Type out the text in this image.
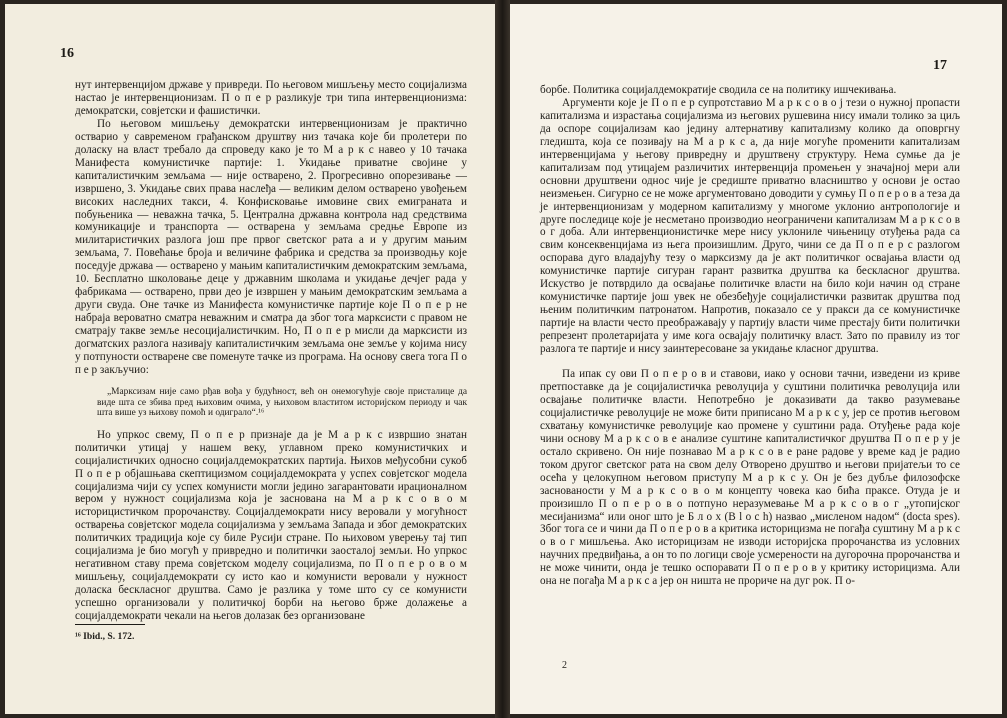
16

нут интервенцијом државе у привреди. По његовом мишљењу место социјализма настао је интервенционизам. П о п е р разликује три типа интервенционизма: демократски, совјетски и фашистички.

По његовом мишљењу демократски интервенционизам је практично остварио у савременом грађанском друштву низ тачака које би пролетери по доласку на власт требало да спроведу како је то М а р к с навео у 10 тачака Манифеста комунистичке партије: 1. Укидање приватне својине у капиталистичким земљама — није остварено, 2. Прогресивно опорезивање — извршено, 3. Укидање свих права наслеђа — великим делом остварено увођењем високих наследних такси, 4. Конфисковање имовине свих емиграната и побуњеника — неважна тачка, 5. Централна државна контрола над средствима комуникације и транспорта — остварена у земљама средње Европе из милитаристичких разлога још пре првог светског рата а и у другим мањим земљама, 7. Повећање броја и величине фабрика и средства за производњу које поседује држава — остварено у мањим капиталистичким демократским земљама, 10. Бесплатно школовање деце у државним школама и укидање дечјег рада у фабрикама — остварено, први део је извршен у мањим демократским земљама а други свуда. Оне тачке из Манифеста комунистичке партије које П о п е р не набраја вероватно сматра неважним и сматра да због тога марксисти с правом не сматрају такве земље несоцијалистичким. Но, П о п е р мисли да марксисти из догматских разлога називају капиталистичким земљама оне земље у којима нису у потпуности остварене све поменуте тачке из програма. На основу свега тога П о п е р закључио:

„Марксизам није само рђав вођа у будућност, већ он онемогућује своје присталице да виде шта се збива пред њиховим очима, у њиховом властитом историјском периоду и чак шта више уз њихову помоћ и одиграло“.¹⁶

Но упркос свему, П о п е р признаје да је М а р к с извршио знатан политички утицај у нашем веку, углавном преко комунистичких и социјалистичких односно социјалдемократских партија. Њихов међусобни сукоб П о п е р објашњава скептицизмом социјалдемократа у успех совјетског модела социјализма чији су успех комунисти могли једино загарантовати ирационалном вером у нужност социјализма која је заснована на М а р к с о в о м историцистичком пророчанству. Социјалдемократи нису веровали у могућност остварења совјетског модела социјализма у земљама Запада и због демократских политичких традиција које су биле Русији стране. По њиховом уверењу тај тип социјализма је био могућ у привредно и политички заосталој земљи. Но упркос негативном ставу према совјетском моделу социјализма, по П о п е р о в о м мишљењу, социјалдемократи су исто као и комунисти веровали у нужност доласка бескласног друштва. Само је разлика у томе што су се комунисти успешно организовали у политичкој борби на његово брже долажење а социјалдемократи чекали на његов долазак без организоване

¹⁶ Ibid., S. 172.
17

борбе. Политика социјалдемократије сводила се на политику ишчекивања.

Аргументи које је П о п е р супротставио М а р к с о в о ј тези о нужној пропасти капитализма и израстања социјализма из његових рушевина нису имали толико за циљ да оспоре социјализам као једину алтернативу капитализму колико да оповргну гледишта, која се позивају на М а р к с а, да није могуће променити капитализам интервенцијама у његову привредну и друштвену структуру. Нема сумње да је капитализам под утицајем различитих интервенција промењен у значајној мери али основни друштвени однос чије је средиште приватно власништво у основи је остао неизмењен. Сигурно се не може аргументовано доводити у сумњу П о п е р о в а теза да је интервенционизам у модерном капитализму у многоме уклонио антропологије и друге последице које је несметано производио неограничени капитализам М а р к с о в о г доба. Али интервенционистичке мере нису уклониле чињеницу отуђења рада са свим консеквенцијама из њега произишлим. Друго, чини се да П о п е р с разлогом оспорава дуго владајућу тезу о марксизму да је акт политичког освајања власти од комунистичке партије сигуран гарант развитка друштва ка бескласног друштва. Искуство је потврдило да освајање политичке власти на било који начин од стране комунистичке партије још увек не обезбеђује социјалистички развитак друштва под њеним политичким патронатом. Напротив, показало се у пракси да се комунистичке партије на власти често преображавају у партију власти чиме престају бити политички репрезент пролетаријата у име кога освајају политичку власт. Зато по правилу из тог разлога те партије и нису заинтересоване за укидање класног друштва.

Па ипак су ови П о п е р о в и ставови, иако у основи тачни, изведени из криве претпоставке да је социјалистичка револуција у суштини политичка револуција или освајање политичке власти. Непотребно је доказивати да такво разумевање социјалистичке револуције не може бити приписано М а р к с у, јер се против његовом схватању комунистичке револуције као промене у суштини рада. Отуђење рада које чини основу М а р к с о в е анализе суштине капиталистичког друштва П о п е р у је остало скривено. Он није познавао М а р к с о в е ране радове у време кад је радио током другог светског рата на свом делу Отворено друштво и његови пријатељи то се осећа у целокупном његовом приступу М а р к с у. Он је без дубље филозофске заснованости у М а р к с о в о м концепту човека као бића праксе. Отуда је и произишло П о п е р о в о потпуно неразумевање М а р к с о в о г „утопијског месијанизма“ или оног што је Б л о х (B l o c h) назвао „мисленом надом“ (docta spes). Због тога се и чини да П о п е р о в а критика историцизма не погађа суштину М а р к с о в о г мишљења. Ако историцизам не изводи историјска пророчанства из условних научних предвиђања, а он то по логици своје усмерености на дугорочна пророчанства и не може чинити, онда је тешко оспоравати П о п е р о в у критику историцизма. Али она не погађа М а р к с а јер он ништа не прориче на дуг рок. П о-

2
